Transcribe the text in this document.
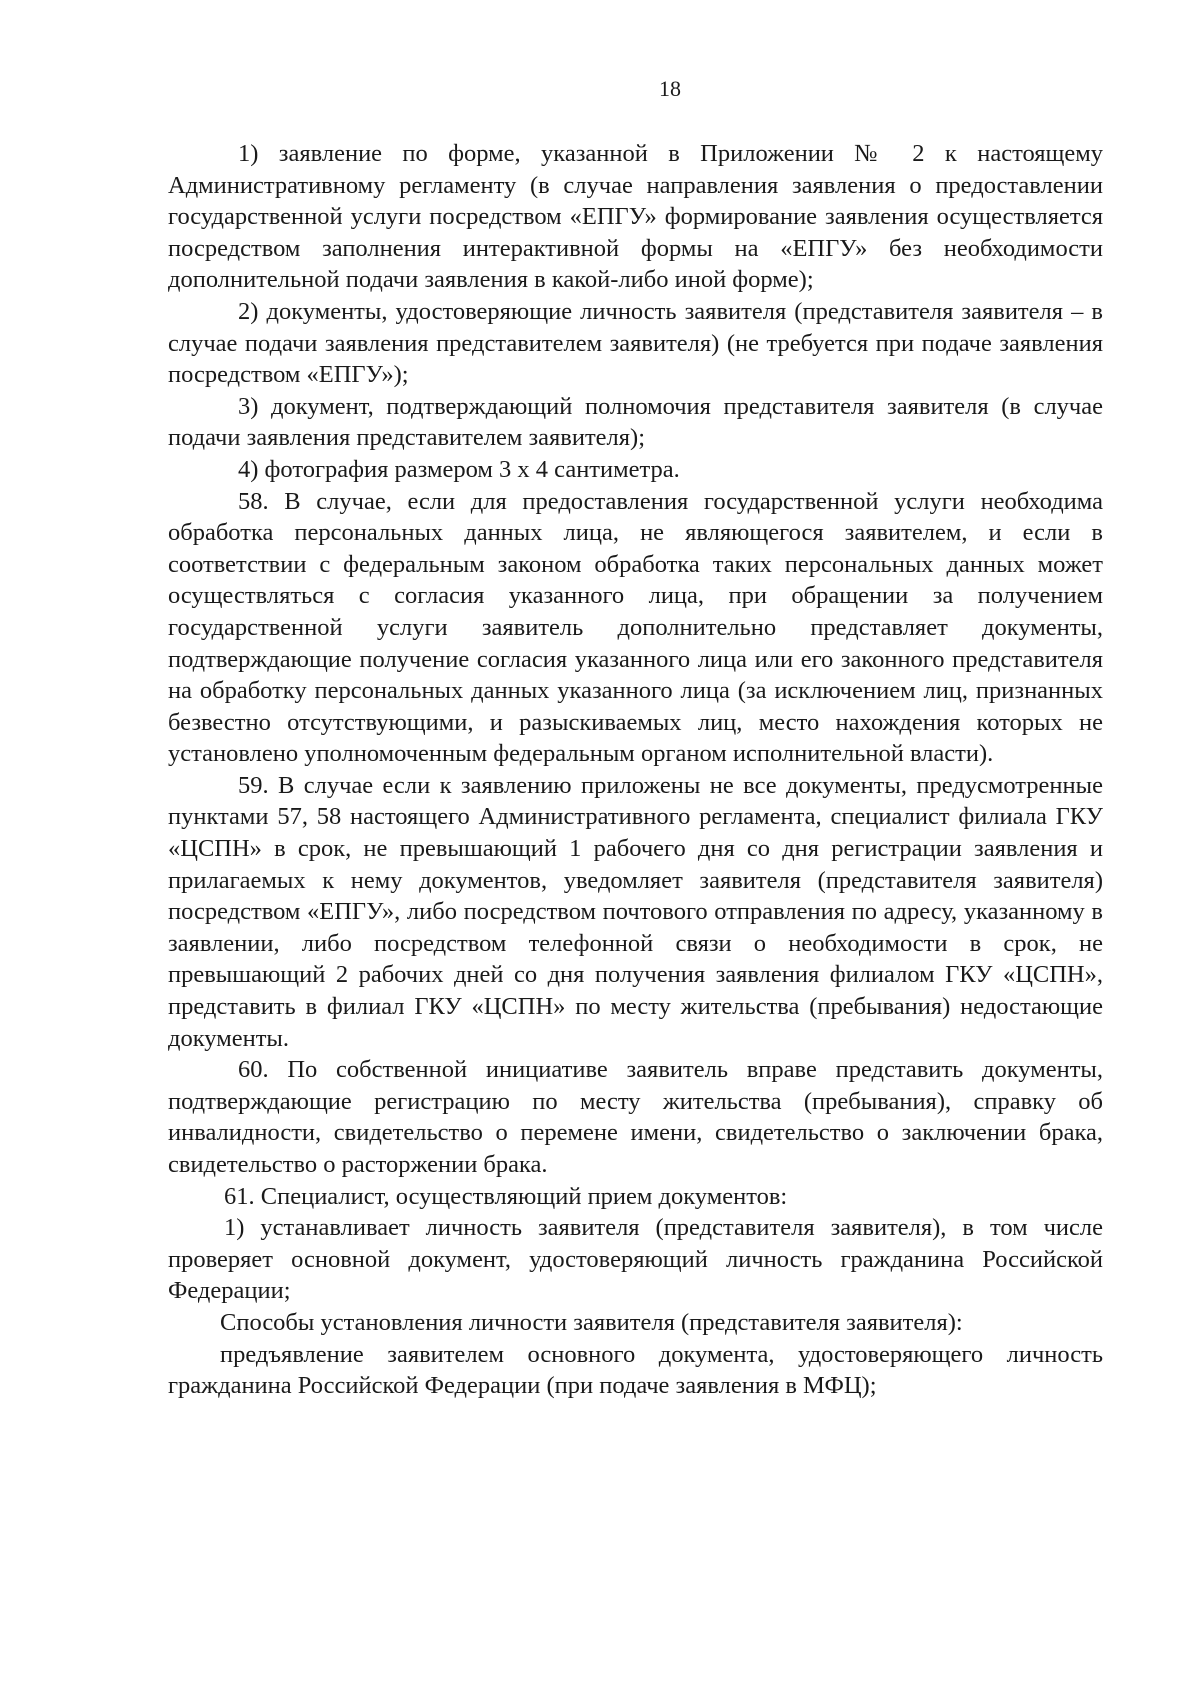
18

1) заявление по форме, указанной в Приложении № 2 к настоящему Административному регламенту (в случае направления заявления о предоставлении государственной услуги посредством «ЕПГУ» формирование заявления осуществляется посредством заполнения интерактивной формы на «ЕПГУ» без необходимости дополнительной подачи заявления в какой-либо иной форме);

2) документы, удостоверяющие личность заявителя (представителя заявителя – в случае подачи заявления представителем заявителя) (не требуется при подаче заявления посредством «ЕПГУ»);

3) документ, подтверждающий полномочия представителя заявителя (в случае подачи заявления представителем заявителя);

4) фотография размером 3 х 4 сантиметра.

58. В случае, если для предоставления государственной услуги необходима обработка персональных данных лица, не являющегося заявителем, и если в соответствии с федеральным законом обработка таких персональных данных может осуществляться с согласия указанного лица, при обращении за получением государственной услуги заявитель дополнительно представляет документы, подтверждающие получение согласия указанного лица или его законного представителя на обработку персональных данных указанного лица (за исключением лиц, признанных безвестно отсутствующими, и разыскиваемых лиц, место нахождения которых не установлено уполномоченным федеральным органом исполнительной власти).

59. В случае если к заявлению приложены не все документы, предусмотренные пунктами 57, 58 настоящего Административного регламента, специалист филиала ГКУ «ЦСПН» в срок, не превышающий 1 рабочего дня со дня регистрации заявления и прилагаемых к нему документов, уведомляет заявителя (представителя заявителя) посредством «ЕПГУ», либо посредством почтового отправления по адресу, указанному в заявлении, либо посредством телефонной связи о необходимости в срок, не превышающий 2 рабочих дней со дня получения заявления филиалом ГКУ «ЦСПН», представить в филиал ГКУ «ЦСПН» по месту жительства (пребывания) недостающие документы.

60. По собственной инициативе заявитель вправе представить документы, подтверждающие регистрацию по месту жительства (пребывания), справку об инвалидности, свидетельство о перемене имени, свидетельство о заключении брака, свидетельство о расторжении брака.

61. Специалист, осуществляющий прием документов:

1) устанавливает личность заявителя (представителя заявителя), в том числе проверяет основной документ, удостоверяющий личность гражданина Российской Федерации;

Способы установления личности заявителя (представителя заявителя):

предъявление заявителем основного документа, удостоверяющего личность гражданина Российской Федерации (при подаче заявления в МФЦ);
